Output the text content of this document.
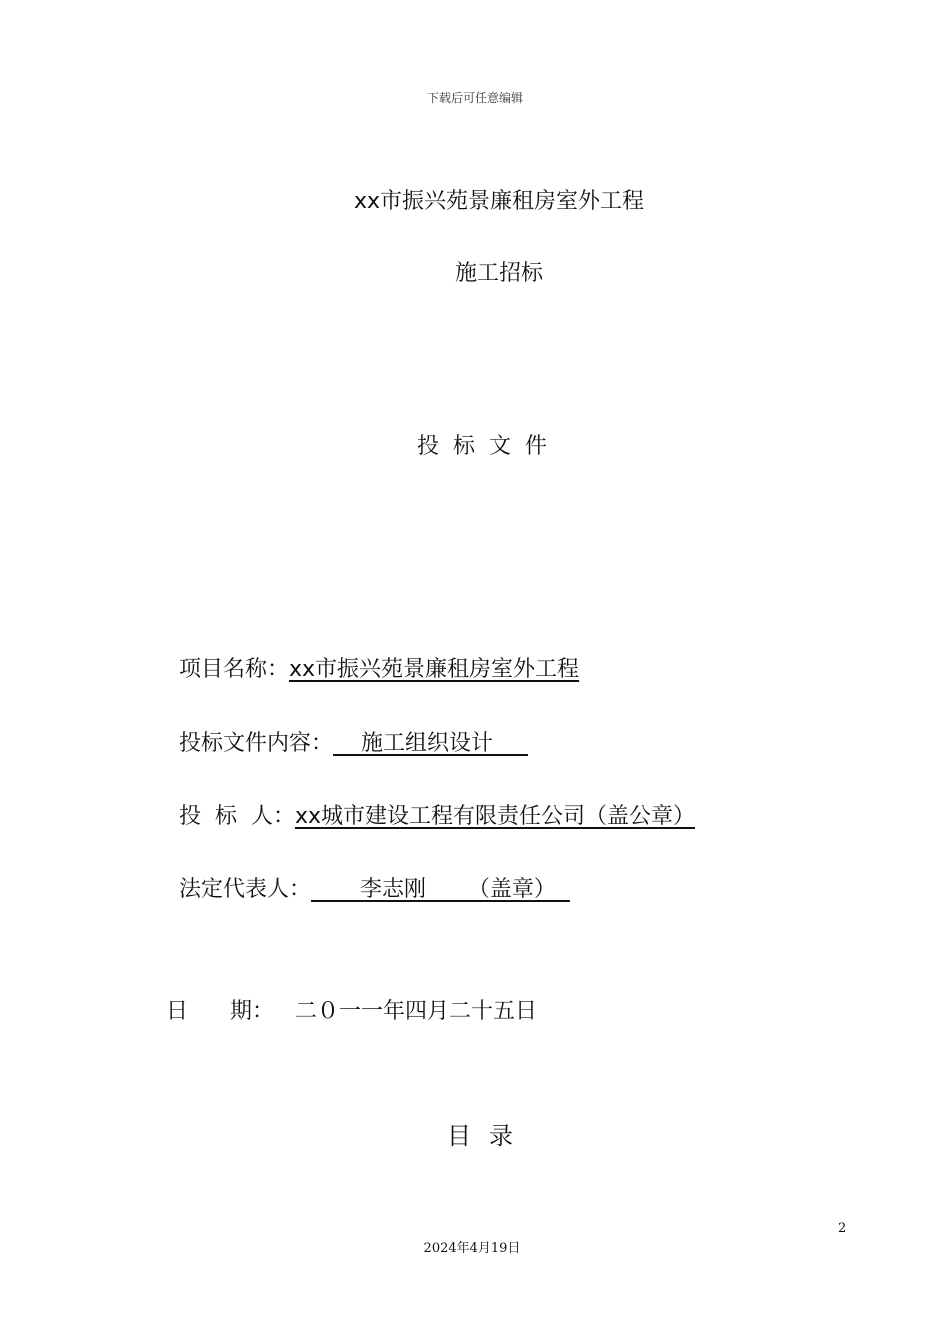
下载后可任意编辑
xx市振兴苑景廉租房室外工程
施工招标
投标文件
项目名称：xx市振兴苑景廉租房室外工程
投标文件内容：    施工组织设计
投  标  人：xx城市建设工程有限责任公司（盖公章）
法定代表人：       李志刚      （盖章）
日      期：   二０一一年四月二十五日
目录
2
2024年4月19日
